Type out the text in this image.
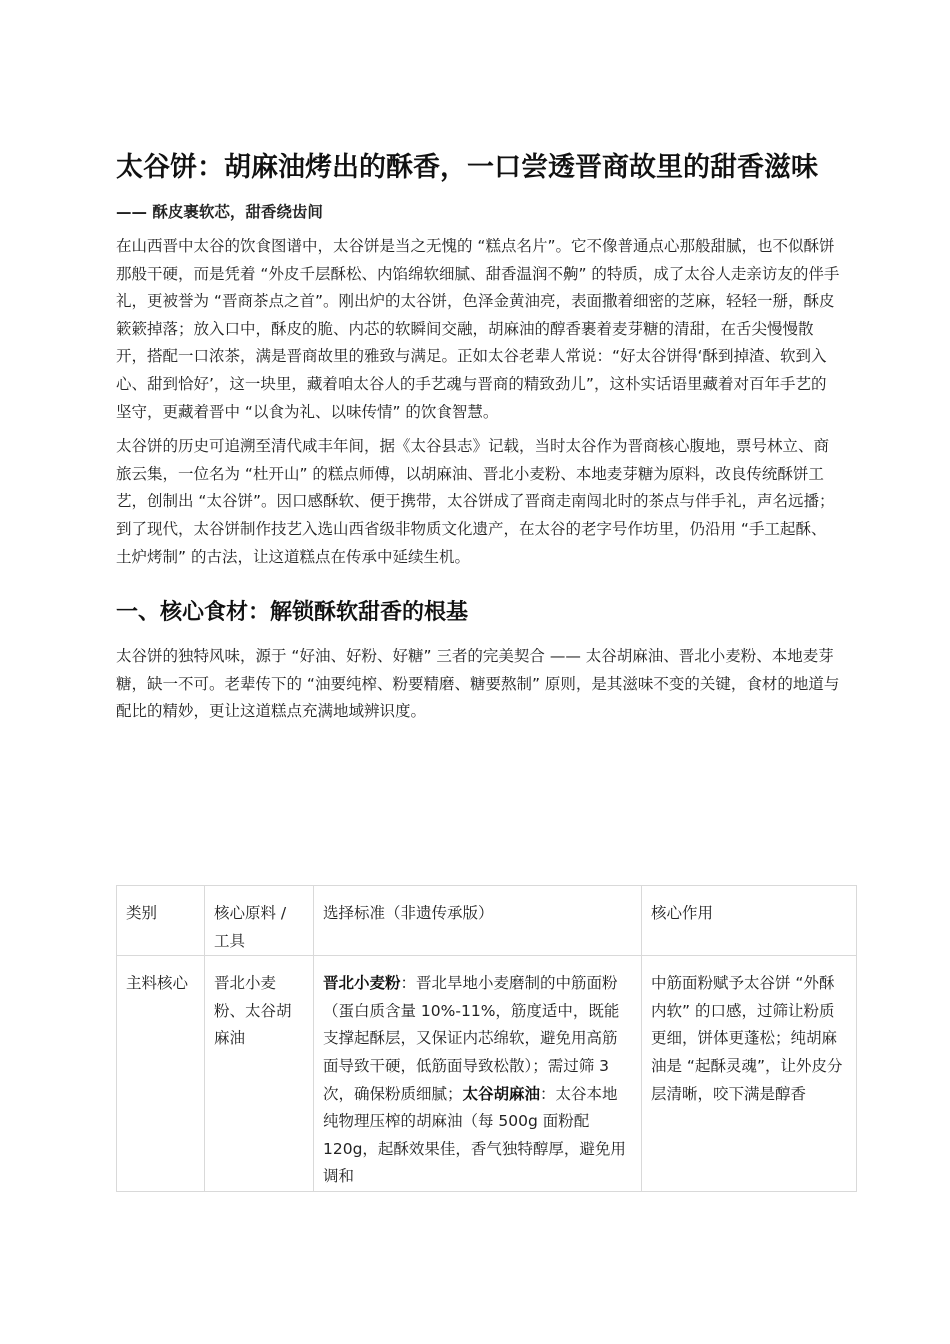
太谷饼：胡麻油烤出的酥香，一口尝透晋商故里的甜香滋味
—— 酥皮裹软芯，甜香绕齿间

在山西晋中太谷的饮食图谱中，太谷饼是当之无愧的 “糕点名片”。它不像普通点心那般甜腻，也不似酥饼那般干硬，而是凭着 “外皮千层酥松、内馅绵软细腻、甜香温润不齁” 的特质，成了太谷人走亲访友的伴手礼，更被誉为 “晋商茶点之首”。刚出炉的太谷饼，色泽金黄油亮，表面撒着细密的芝麻，轻轻一掰，酥皮簌簌掉落；放入口中，酥皮的脆、内芯的软瞬间交融，胡麻油的醇香裹着麦芽糖的清甜，在舌尖慢慢散开，搭配一口浓茶，满是晋商故里的雅致与满足。正如太谷老辈人常说：“好太谷饼得‘酥到掉渣、软到入心、甜到恰好’，这一块里，藏着咱太谷人的手艺魂与晋商的精致劲儿”，这朴实话语里藏着对百年手艺的坚守，更藏着晋中 “以食为礼、以味传情” 的饮食智慧。

太谷饼的历史可追溯至清代咸丰年间，据《太谷县志》记载，当时太谷作为晋商核心腹地，票号林立、商旅云集，一位名为 “杜开山” 的糕点师傅，以胡麻油、晋北小麦粉、本地麦芽糖为原料，改良传统酥饼工艺，创制出 “太谷饼”。因口感酥软、便于携带，太谷饼成了晋商走南闯北时的茶点与伴手礼，声名远播；到了现代，太谷饼制作技艺入选山西省级非物质文化遗产，在太谷的老字号作坊里，仍沿用 “手工起酥、土炉烤制” 的古法，让这道糕点在传承中延续生机。

一、核心食材：解锁酥软甜香的根基

太谷饼的独特风味，源于 “好油、好粉、好糖” 三者的完美契合 —— 太谷胡麻油、晋北小麦粉、本地麦芽糖，缺一不可。老辈传下的 “油要纯榨、粉要精磨、糖要熬制” 原则，是其滋味不变的关键，食材的地道与配比的精妙，更让这道糕点充满地域辨识度。

类别	核心原料 / 工具	选择标准（非遗传承版）	核心作用

主料核心	晋北小麦粉、太谷胡麻油	晋北小麦粉：晋北旱地小麦磨制的中筋面粉（蛋白质含量 10%-11%，筋度适中，既能支撑起酥层，又保证内芯绵软，避免用高筋面导致干硬，低筋面导致松散）；需过筛 3 次，确保粉质细腻；太谷胡麻油：太谷本地纯物理压榨的胡麻油（每 500g 面粉配 120g，起酥效果佳，香气独特醇厚，避免用调和	中筋面粉赋予太谷饼 “外酥内软” 的口感，过筛让粉质更细，饼体更蓬松；纯胡麻油是 “起酥灵魂”，让外皮分层清晰，咬下满是醇香
